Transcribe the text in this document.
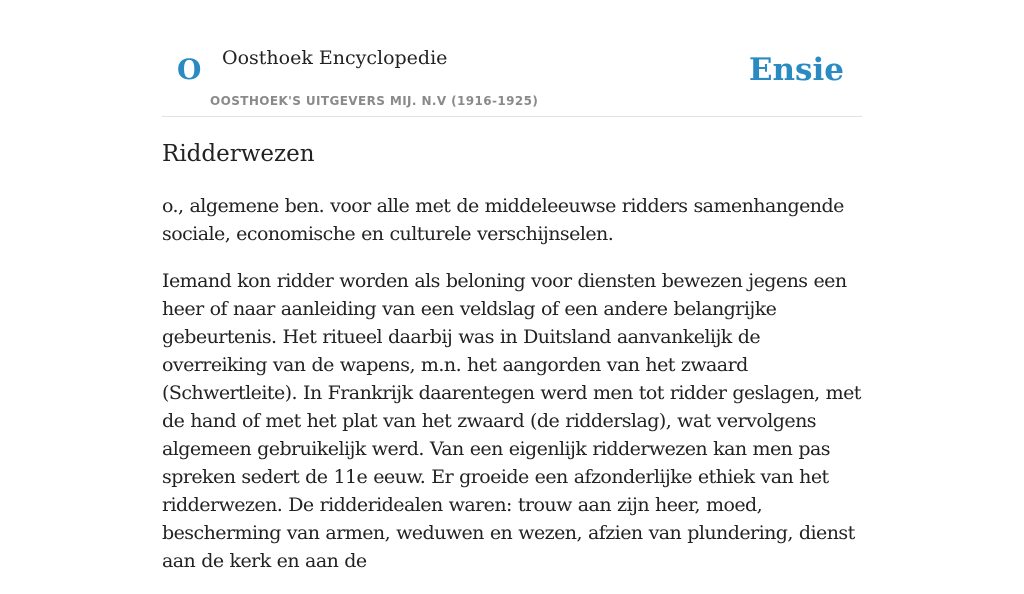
O Oosthoek Encyclopedie
OOSTHOEK'S UITGEVERS MIJ. N.V (1916-1925)
Ensie
Ridderwezen

o., algemene ben. voor alle met de middeleeuwse ridders samenhangende sociale, economische en culturele verschijnselen.

Iemand kon ridder worden als beloning voor diensten bewezen jegens een heer of naar aanleiding van een veldslag of een andere belangrijke gebeurtenis. Het ritueel daarbij was in Duitsland aanvankelijk de overreiking van de wapens, m.n. het aangorden van het zwaard (Schwertleite). In Frankrijk daarentegen werd men tot ridder geslagen, met de hand of met het plat van het zwaard (de ridderslag), wat vervolgens algemeen gebruikelijk werd. Van een eigenlijk ridderwezen kan men pas spreken sedert de 11e eeuw. Er groeide een afzonderlijke ethiek van het ridderwezen. De ridderidealen waren: trouw aan zijn heer, moed, bescherming van armen, weduwen en wezen, afzien van plundering, dienst aan de kerk en aan de
